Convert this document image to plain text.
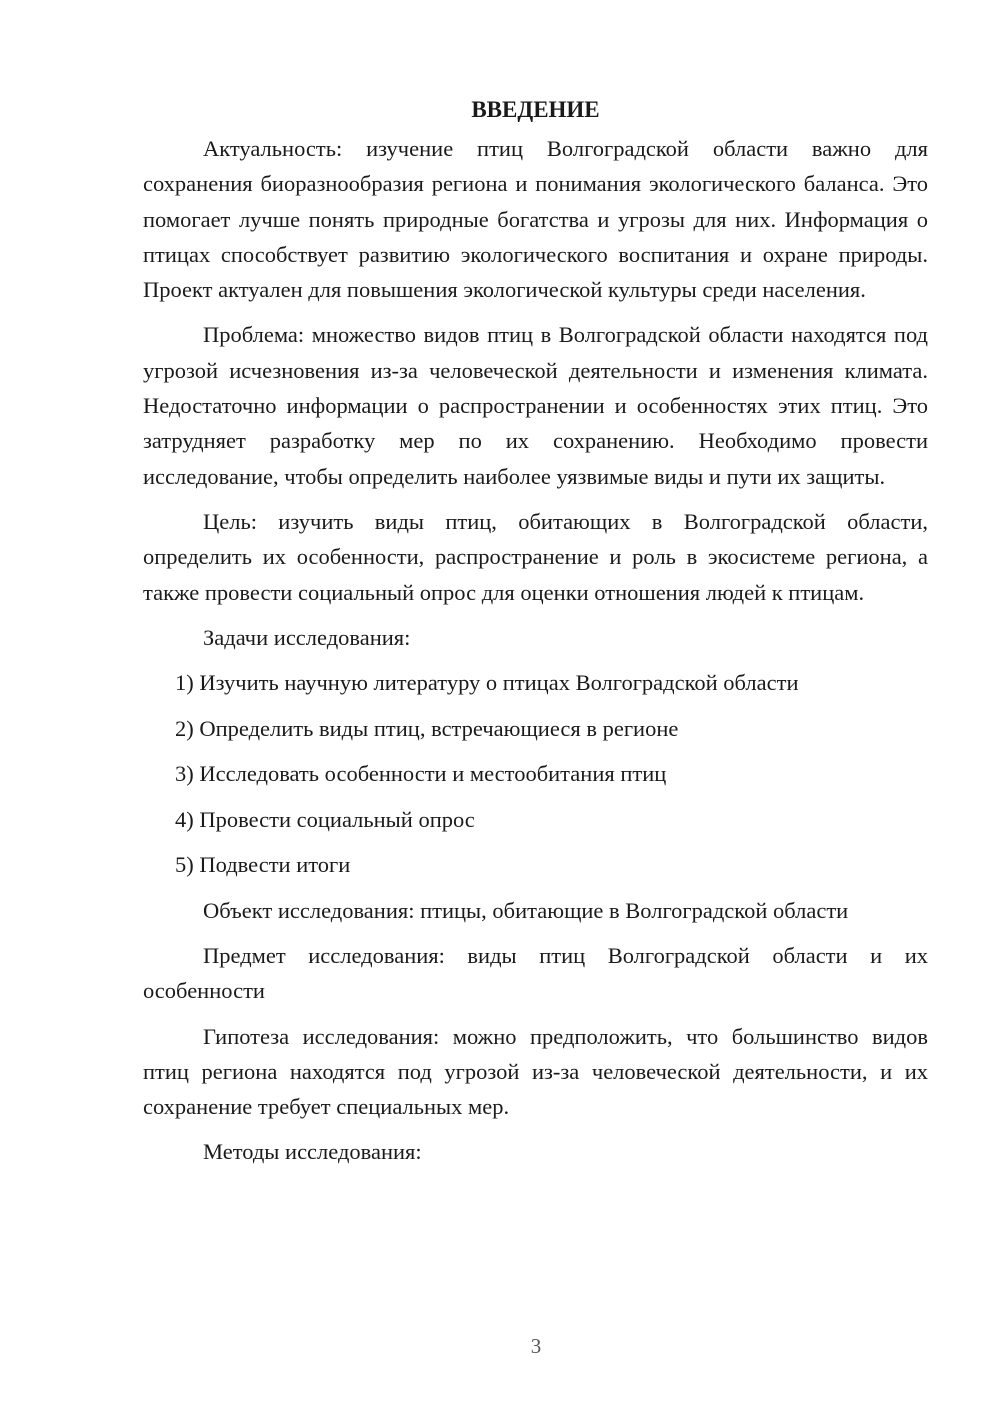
ВВЕДЕНИЕ

Актуальность: изучение птиц Волгоградской области важно для сохранения биоразнообразия региона и понимания экологического баланса. Это помогает лучше понять природные богатства и угрозы для них. Информация о птицах способствует развитию экологического воспитания и охране природы. Проект актуален для повышения экологической культуры среди населения.

Проблема: множество видов птиц в Волгоградской области находятся под угрозой исчезновения из-за человеческой деятельности и изменения климата. Недостаточно информации о распространении и особенностях этих птиц. Это затрудняет разработку мер по их сохранению. Необходимо провести исследование, чтобы определить наиболее уязвимые виды и пути их защиты.

Цель: изучить виды птиц, обитающих в Волгоградской области, определить их особенности, распространение и роль в экосистеме региона, а также провести социальный опрос для оценки отношения людей к птицам.

Задачи исследования:

1) Изучить научную литературу о птицах Волгоградской области
2) Определить виды птиц, встречающиеся в регионе
3) Исследовать особенности и местообитания птиц
4) Провести социальный опрос
5) Подвести итоги

Объект исследования: птицы, обитающие в Волгоградской области

Предмет исследования: виды птиц Волгоградской области и их особенности

Гипотеза исследования: можно предположить, что большинство видов птиц региона находятся под угрозой из-за человеческой деятельности, и их сохранение требует специальных мер.

Методы исследования:

3
